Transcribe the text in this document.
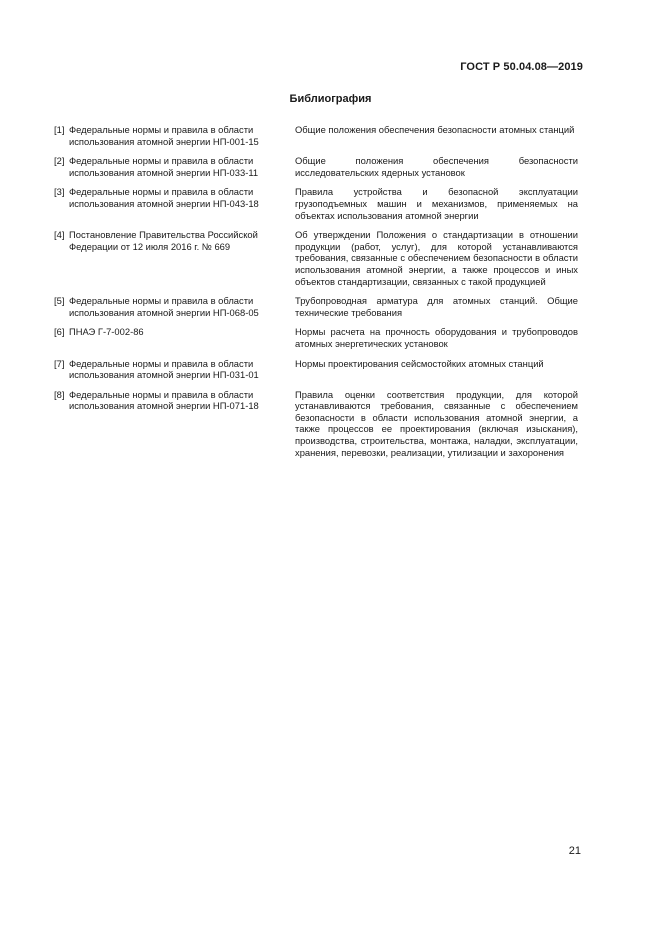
ГОСТ Р 50.04.08—2019
Библиография
[1] Федеральные нормы и правила в области использования атомной энергии НП-001-15
Общие положения обеспечения безопасности атомных станций
[2] Федеральные нормы и правила в области использования атомной энергии НП-033-11
Общие положения обеспечения безопасности исследовательских ядерных установок
[3] Федеральные нормы и правила в области использования атомной энергии НП-043-18
Правила устройства и безопасной эксплуатации грузоподъемных машин и механизмов, применяемых на объектах использования атомной энергии
[4] Постановление Правительства Российской Федерации от 12 июля 2016 г. № 669
Об утверждении Положения о стандартизации в отношении продукции (работ, услуг), для которой устанавливаются требования, связанные с обеспечением безопасности в области использования атомной энергии, а также процессов и иных объектов стандартизации, связанных с такой продукцией
[5] Федеральные нормы и правила в области использования атомной энергии НП-068-05
Трубопроводная арматура для атомных станций. Общие технические требования
[6] ПНАЭ Г-7-002-86	Нормы расчета на прочность оборудования и трубопроводов атомных энергетических установок
[7] Федеральные нормы и правила в области использования атомной энергии НП-031-01
Нормы проектирования сейсмостойких атомных станций
[8] Федеральные нормы и правила в области использования атомной энергии НП-071-18
Правила оценки соответствия продукции, для которой устанавливаются требования, связанные с обеспечением безопасности в области использования атомной энергии, а также процессов ее проектирования (включая изыскания), производства, строительства, монтажа, наладки, эксплуатации, хранения, перевозки, реализации, утилизации и захоронения
21
